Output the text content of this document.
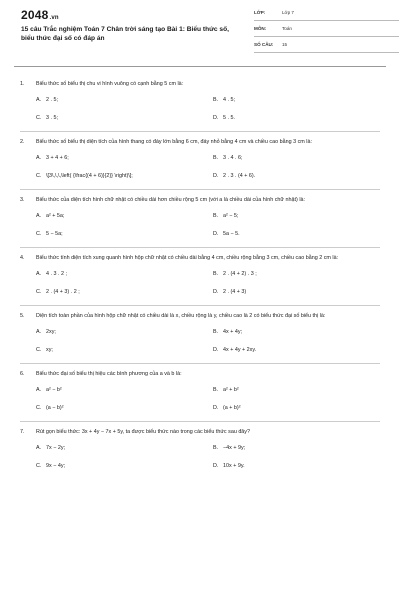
2048.vn
15 câu Trắc nghiệm Toán 7 Chân trời sáng tạo Bài 1: Biểu thức số, biểu thức đại số có đáp án
LỚP:	Lớp 7
MÔN:	Toán
SỐ CÂU: 15
1.	Biểu thức số biểu thị chu vi hình vuông có cạnh bằng 5 cm là:
A. 2 . 5;	B. 4 . 5;
C. 3 . 5;	D. 5 . 5.
2.	Biểu thức số biểu thị diện tích của hình thang có đáy lớn bằng 6 cm, đáy nhỏ bằng 4 cm và chiều cao bằng 3 cm là:
A. 3 + 4 + 6;	B. 3 . 4 . 6;
C. \[3\,\,\,\left( {\frac{(4 + 6)}{2}} \right)\];	D. 2 . 3 . (4 + 6).
3.	Biểu thức của diện tích hình chữ nhật có chiều dài hơn chiều rộng 5 cm (với a là chiều dài của hình chữ nhật) là:
A. a² + 5a;	B. a² − 5;
C. 5 − 5a;	D. 5a − 5.
4.	Biểu thức tính diện tích xung quanh hình hộp chữ nhật có chiều dài bằng 4 cm, chiều rộng bằng 3 cm, chiều cao bằng 2 cm là:
A. 4 . 3 . 2 ;	B. 2 . (4 + 2) . 3 ;
C. 2 . (4 + 3) . 2 ;	D. 2 . (4 + 3)
5.	Diện tích toàn phần của hình hộp chữ nhật có chiều dài là x, chiều rộng là y, chiều cao là 2 có biểu thức đại số biểu thị là:
A. 2xy;	B. 4x + 4y;
C. xy;	D. 4x + 4y + 2xy.
6.	Biểu thức đại số biểu thị hiệu các bình phương của a và b là:
A. a² − b²	B. a² + b²
C. (a − b)²	D. (a + b)²
7.	Rút gọn biểu thức: 3x + 4y − 7x + 5y, ta được biểu thức nào trong các biểu thức sau đây?
A. 7x − 2y;	B. −4x + 9y;
C. 9x − 4y;	D. 10x + 9y.
